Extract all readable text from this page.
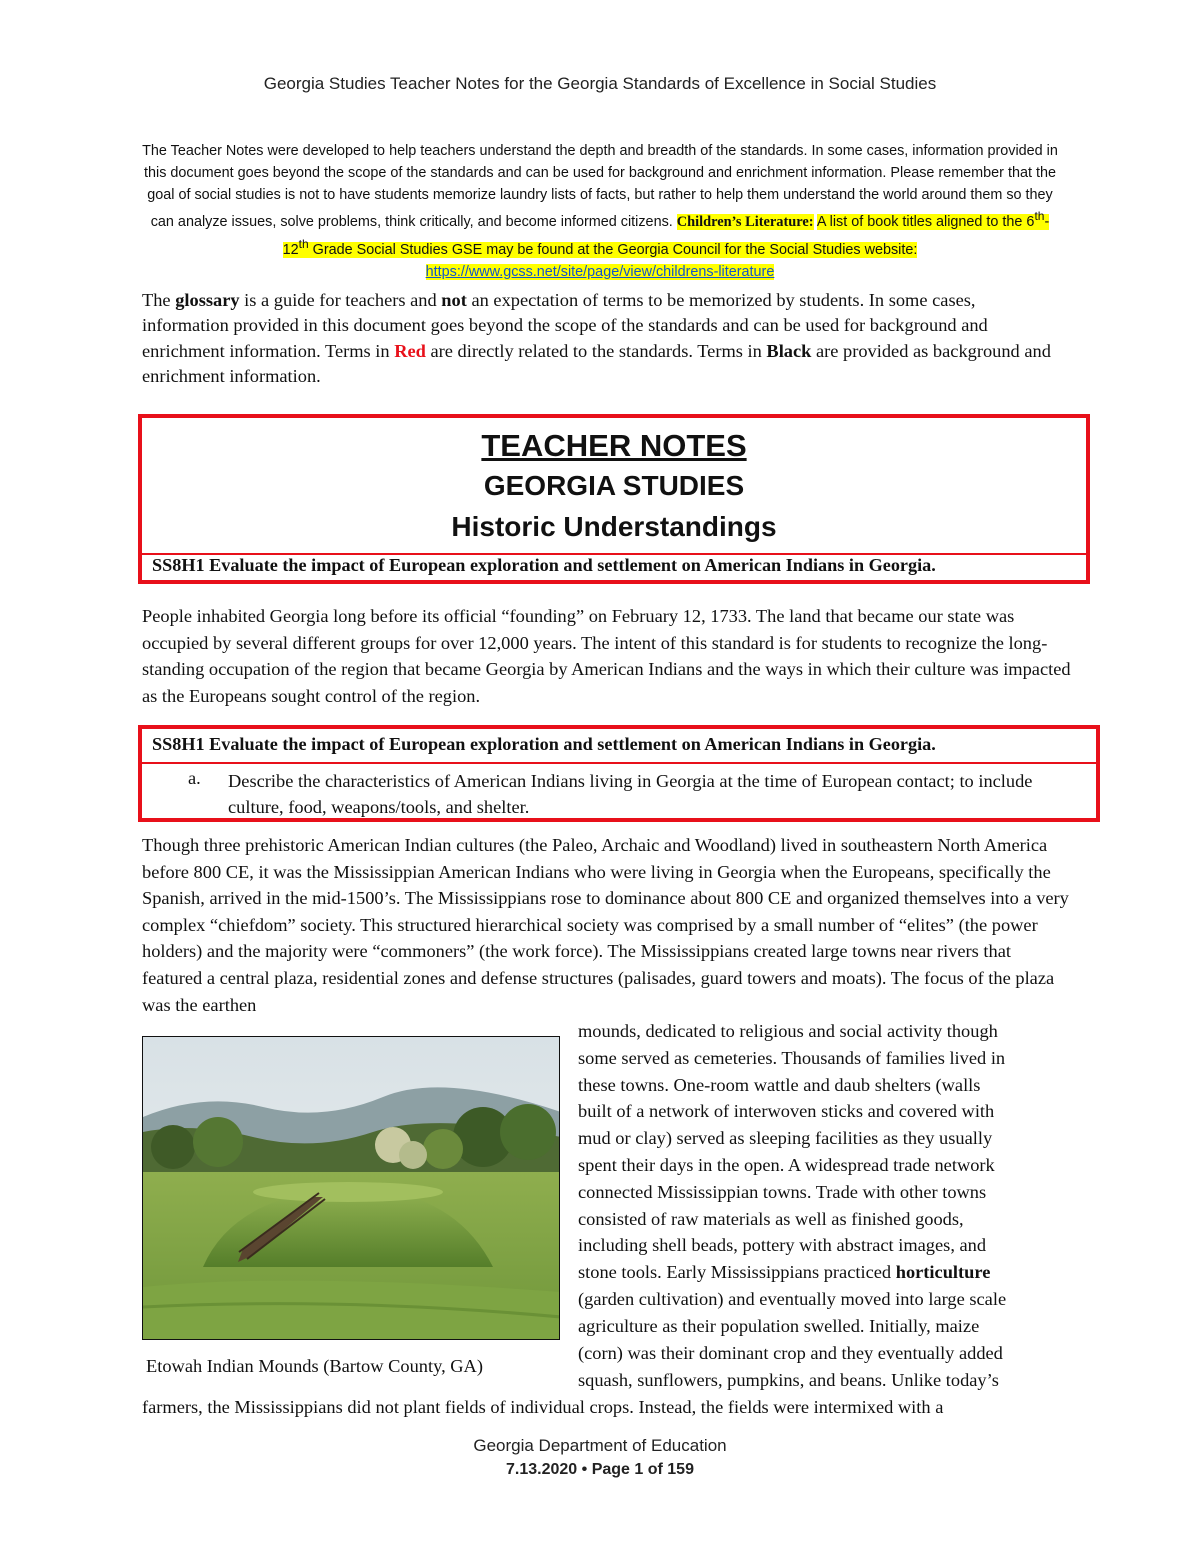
Georgia Studies Teacher Notes for the Georgia Standards of Excellence in Social Studies
The Teacher Notes were developed to help teachers understand the depth and breadth of the standards. In some cases, information provided in this document goes beyond the scope of the standards and can be used for background and enrichment information. Please remember that the goal of social studies is not to have students memorize laundry lists of facts, but rather to help them understand the world around them so they can analyze issues, solve problems, think critically, and become informed citizens. Children’s Literature: A list of book titles aligned to the 6th-12th Grade Social Studies GSE may be found at the Georgia Council for the Social Studies website: https://www.gcss.net/site/page/view/childrens-literature
The glossary is a guide for teachers and not an expectation of terms to be memorized by students. In some cases, information provided in this document goes beyond the scope of the standards and can be used for background and enrichment information. Terms in Red are directly related to the standards. Terms in Black are provided as background and enrichment information.
TEACHER NOTES
GEORGIA STUDIES
Historic Understandings
SS8H1 Evaluate the impact of European exploration and settlement on American Indians in Georgia.
People inhabited Georgia long before its official “founding” on February 12, 1733. The land that became our state was occupied by several different groups for over 12,000 years. The intent of this standard is for students to recognize the long-standing occupation of the region that became Georgia by American Indians and the ways in which their culture was impacted as the Europeans sought control of the region.
SS8H1 Evaluate the impact of European exploration and settlement on American Indians in Georgia.
a. Describe the characteristics of American Indians living in Georgia at the time of European contact; to include culture, food, weapons/tools, and shelter.
Though three prehistoric American Indian cultures (the Paleo, Archaic and Woodland) lived in southeastern North America before 800 CE, it was the Mississippian American Indians who were living in Georgia when the Europeans, specifically the Spanish, arrived in the mid-1500’s. The Mississippians rose to dominance about 800 CE and organized themselves into a very complex “chiefdom” society. This structured hierarchical society was comprised by a small number of “elites” (the power holders) and the majority were “commoners” (the work force). The Mississippians created large towns near rivers that featured a central plaza, residential zones and defense structures (palisades, guard towers and moats). The focus of the plaza was the earthen
Etowah Indian Mounds (Bartow County, GA)
mounds, dedicated to religious and social activity though
some served as cemeteries. Thousands of families lived in
these towns. One-room wattle and daub shelters (walls
built of a network of interwoven sticks and covered with
mud or clay) served as sleeping facilities as they usually
spent their days in the open. A widespread trade network
connected Mississippian towns. Trade with other towns
consisted of raw materials as well as finished goods,
including shell beads, pottery with abstract images, and
stone tools. Early Mississippians practiced horticulture
(garden cultivation) and eventually moved into large scale
agriculture as their population swelled. Initially, maize
(corn) was their dominant crop and they eventually added
squash, sunflowers, pumpkins, and beans. Unlike today’s
farmers, the Mississippians did not plant fields of individual crops. Instead, the fields were intermixed with a
Georgia Department of Education
7.13.2020 • Page 1 of 159
